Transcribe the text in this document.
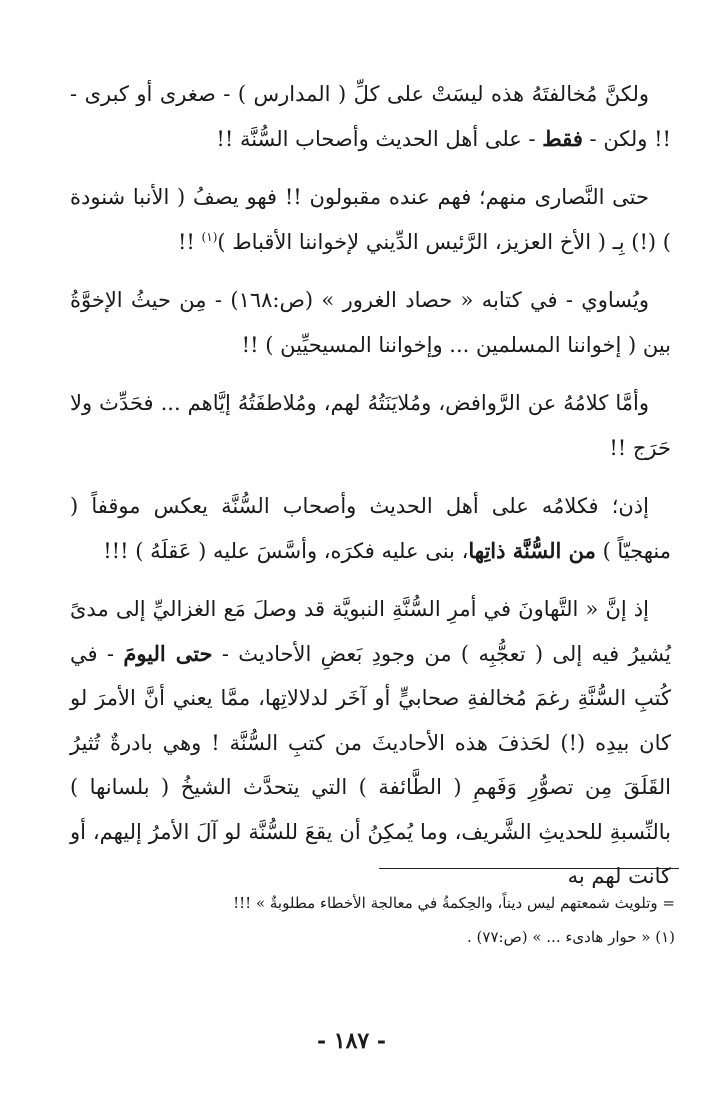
ولكنَّ مُخالفتَهُ هذه ليسَتْ على كلِّ ( المدارس ) - صغرى أو كبرى - !! ولكن - فقط - على أهل الحديث وأصحاب السُّنَّة !!

حتى النَّصارى منهم؛ فهم عنده مقبولون !! فهو يصفُ ( الأنبا شنودة ) (!) بِـ ( الأخ العزيز، الرَّئيس الدِّيني لإخواننا الأقباط )$^{(١)}$ !!

ويُساوي - في كتابه « حصاد الغرور » (ص:١٦٨) - مِن حيثُ الإخوَّةُ بين ( إخواننا المسلمين ... وإخواننا المسيحيِّين ) !!

وأمَّا كلامُهُ عن الرَّوافض، ومُلايَنَتُهُ لهم، ومُلاطفَتُهُ إيَّاهم ... فحَدِّث ولا حَرَج !!

إذن؛ فكلامُه على أهل الحديث وأصحاب السُّنَّة يعكس موقفاً ( منهجيّاً ) من السُّنَّة ذاتِها، بنى عليه فكرَه، وأسَّسَ عليه ( عَقلَهُ ) !!!

إذ إنَّ « التَّهاونَ في أمرِ السُّنَّةِ النبويَّة قد وصلَ مَع الغزاليِّ إلى مدىً يُشيرُ فيه إلى ( تعجُّبِه ) من وجودِ بَعضِ الأحاديث - حتى اليومَ - في كُتبِ السُّنَّةِ رغمَ مُخالفةِ صحابيٍّ أو آخَر لدلالاتِها، ممَّا يعني أنَّ الأمرَ لو كان بيدِه (!) لحَذفَ هذه الأحاديثَ من كتبِ السُّنَّة ! وهي بادرةٌ تُثيرُ القَلَقَ مِن تصوُّرِ وَفَهمِ ( الطَّائفة ) التي يتحدَّث الشيخُ ( بلسانها ) بالنِّسبةِ للحديثِ الشَّريف، وما يُمكِنُ أن يقعَ للسُّنَّة لو آلَ الأمرُ إليهم، أو كانت لهم به

= وتلويث شمعتهم ليس ديناً، والحِكمةُ في معالجة الأخطاء مطلوبةٌ » !!!

(١) « حوار هادىء ... » (ص:٧٧) .

- ١٨٧ -
